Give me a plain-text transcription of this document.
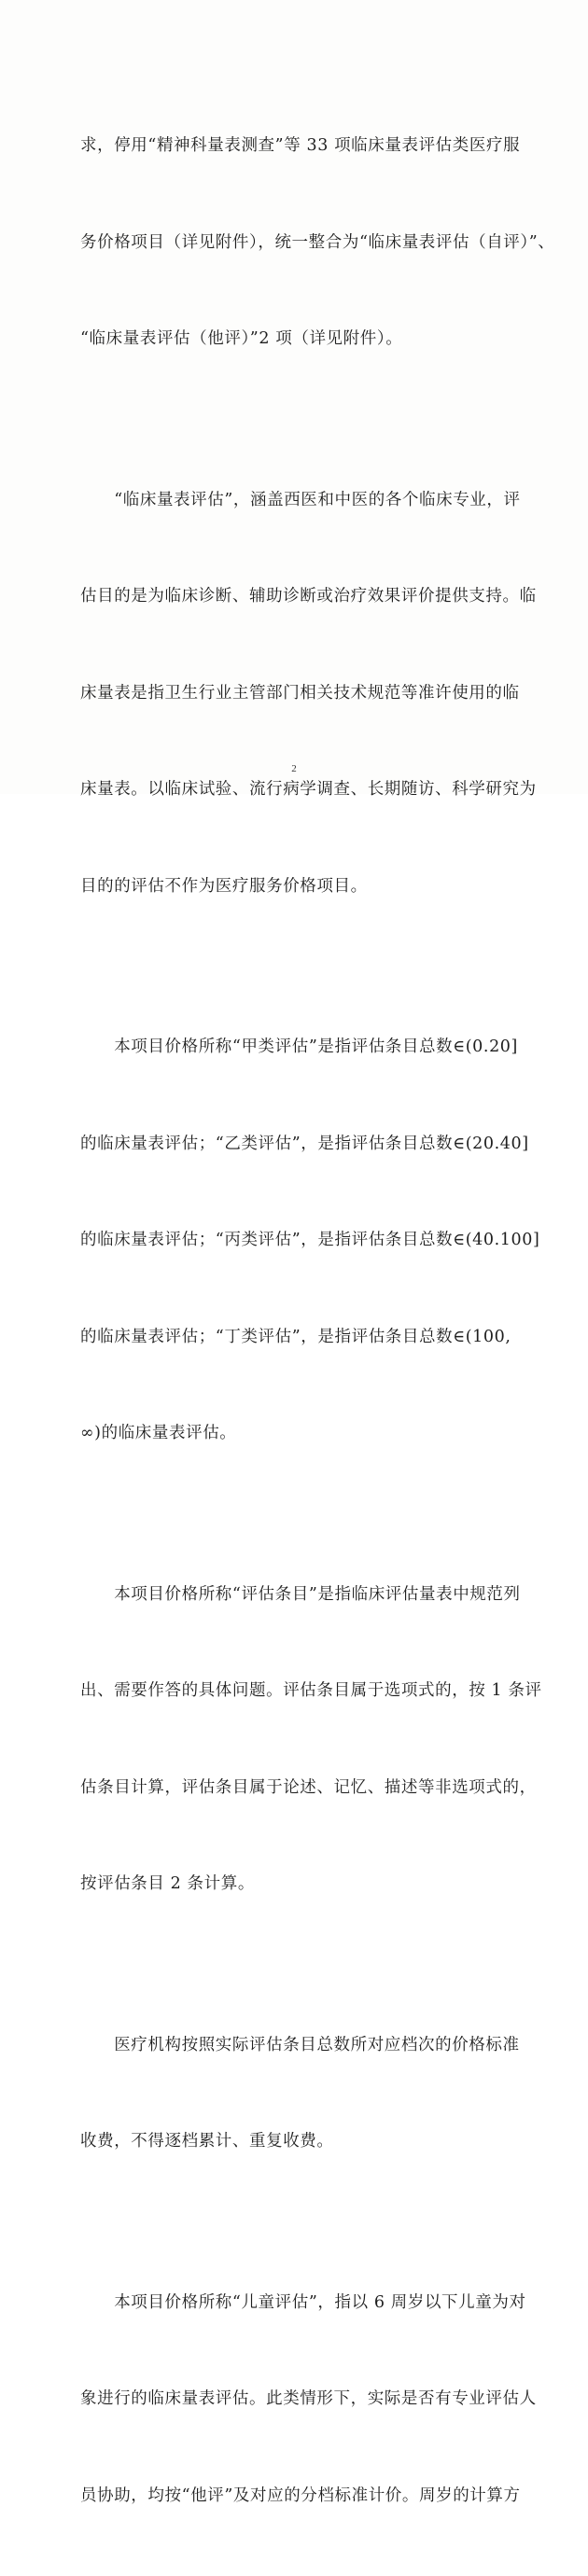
求，停用“精神科量表测查”等 33 项临床量表评估类医疗服

务价格项目（详见附件），统一整合为“临床量表评估（自评）”、

“临床量表评估（他评）”2 项（详见附件）。

　　“临床量表评估”，涵盖西医和中医的各个临床专业，评

估目的是为临床诊断、辅助诊断或治疗效果评价提供支持。临

床量表是指卫生行业主管部门相关技术规范等准许使用的临

床量表。以临床试验、流行病学调查、长期随访、科学研究为

目的的评估不作为医疗服务价格项目。

　　本项目价格所称“甲类评估”是指评估条目总数∈(0.20]

的临床量表评估；“乙类评估”，是指评估条目总数∈(20.40]

的临床量表评估；“丙类评估”，是指评估条目总数∈(40.100]

的临床量表评估；“丁类评估”，是指评估条目总数∈(100,

∞)的临床量表评估。

　　本项目价格所称“评估条目”是指临床评估量表中规范列

出、需要作答的具体问题。评估条目属于选项式的，按 1 条评

估条目计算，评估条目属于论述、记忆、描述等非选项式的，

按评估条目 2 条计算。

　　医疗机构按照实际评估条目总数所对应档次的价格标准

收费，不得逐档累计、重复收费。

　　本项目价格所称“儿童评估”，指以 6 周岁以下儿童为对

象进行的临床量表评估。此类情形下，实际是否有专业评估人

员协助，均按“他评”及对应的分档标准计价。周岁的计算方

2
